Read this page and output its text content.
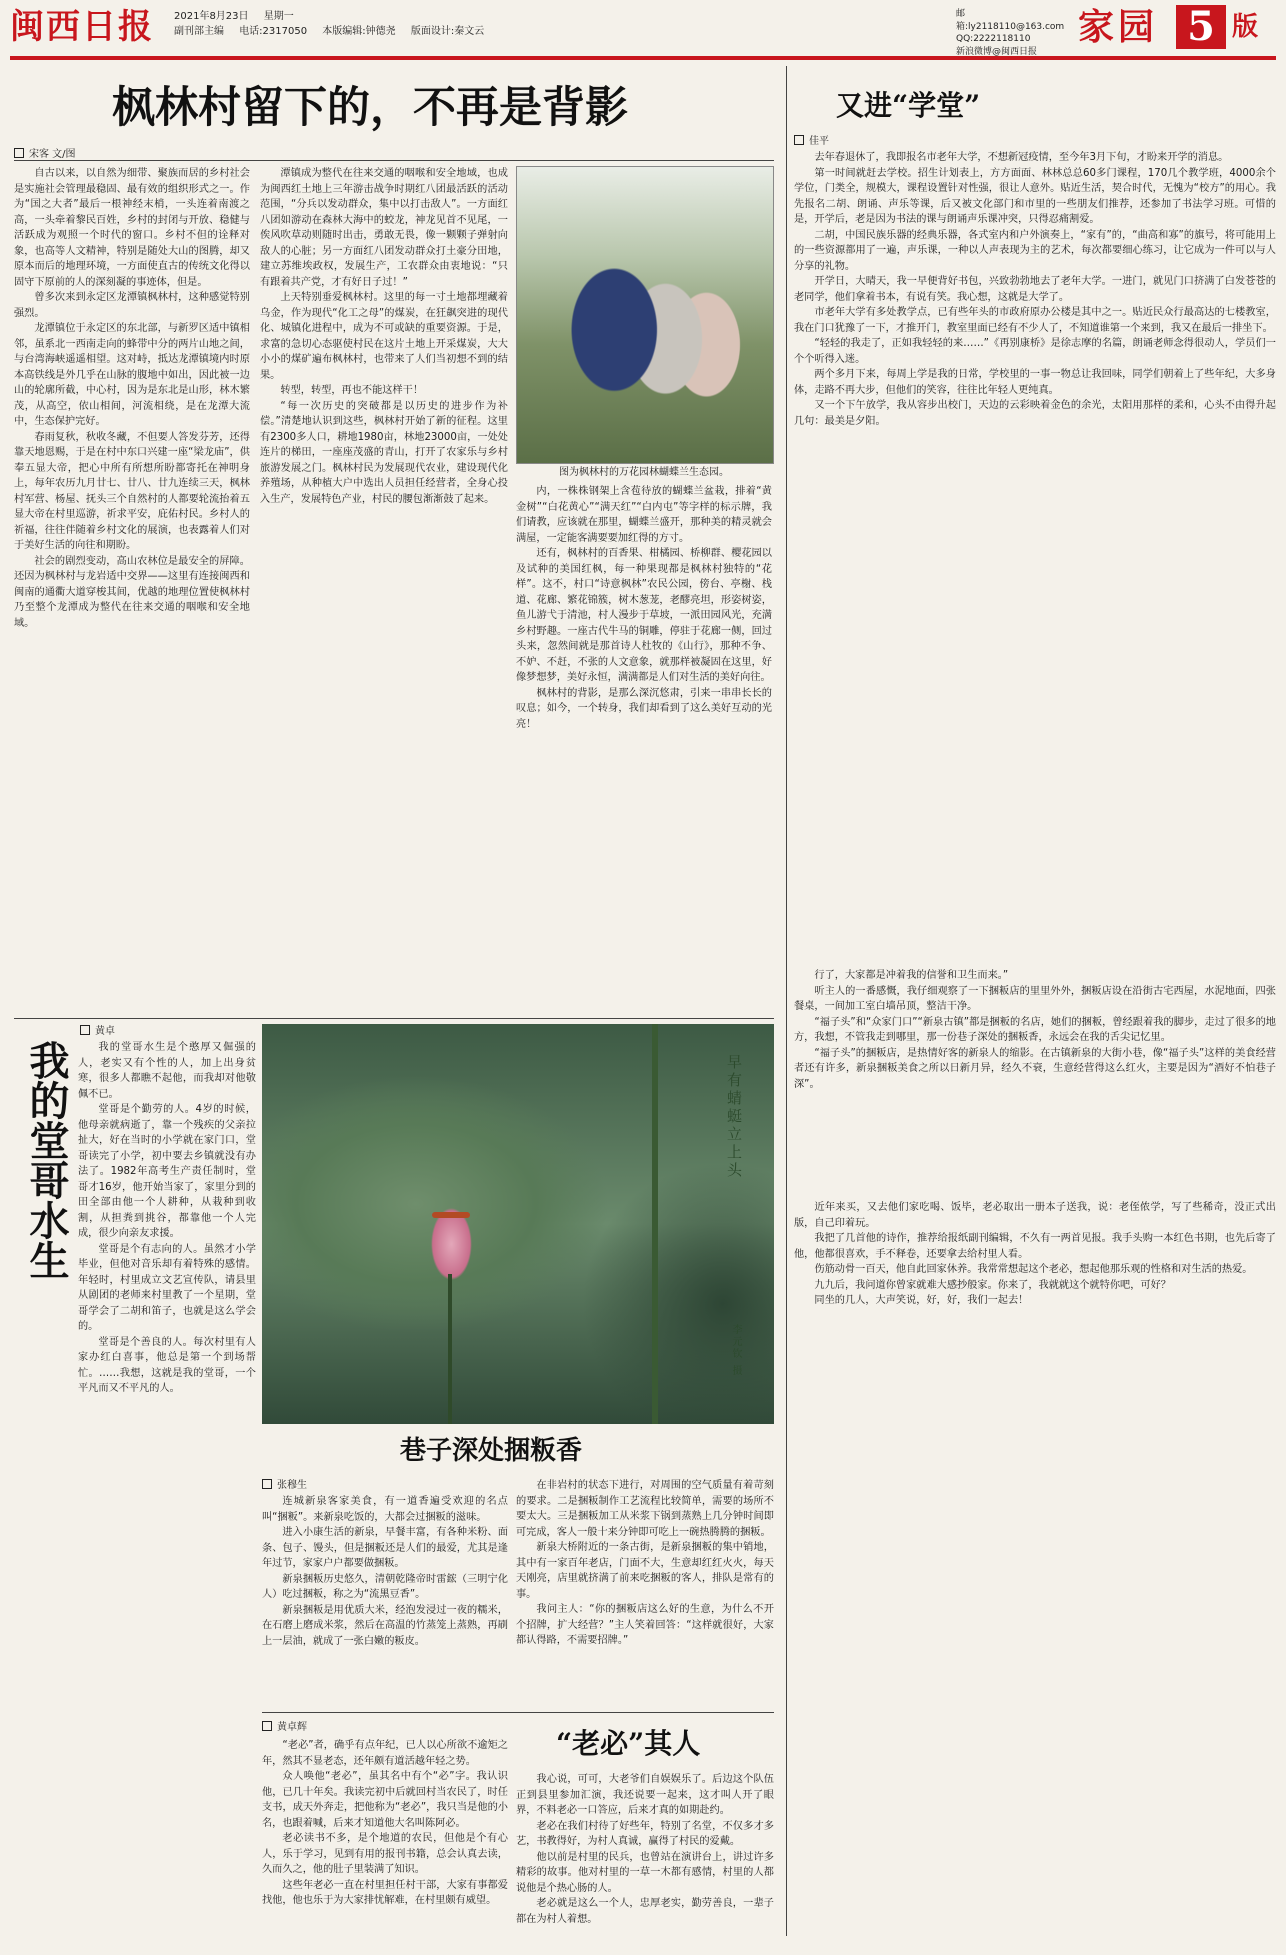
闽西日报	2021年8月23日 星期一
副刊部主编 电话:2317050 本版编辑:钟德尧 版面设计:秦文云
邮箱:ly2118110@163.com
QQ:2222118110
新浪微博@闽西日报
家园 5 版
枫林村留下的，不再是背影
宋客 文/图

自古以来，以自然为细带、聚族而居的乡村社会是实施社会管理最稳固、最有效的组织形式之一。作为“国之大者”最后一根神经末梢，一头连着南渡之高，一头牵着黎民百姓，乡村的封闭与开放、稳健与活跃成为观照一个时代的窗口。乡村不但的诠释对象，也高等人文精神，特别是随处大山的图腾，却又原本而后的地理环境，一方面使直古的传统文化得以固守下原前的人的深刻凝的事迹体，但是。

曾多次来到永定区龙潭镇枫林村，这种感觉特别强烈。

龙潭镇位于永定区的东北部，与新罗区适中镇相邻，虽系北一西南走向的蜂带中分的两片山地之间，与台湾海峡遥遥相望。这对峙，抵达龙潭镇境内时原本高铁线是外几乎在山脉的腹地中如出，因此被一边山的轮廓所截，中心村，因为是东北是山形，林木繁茂，从高空，依山相间，河流相绕，是在龙潭大流中，生态保护完好。

春雨复秋，秋收冬藏，不但要人答发芬芳，还得靠天地恩赐，于是在村中东口兴建一座“梁龙庙”，供奉五显大帝，把心中所有所想所盼都寄托在神明身上，每年农历九月廿七、廿八、廿九连续三天，枫林村军营、杨屋、抚头三个自然村的人都要轮流抬着五显大帝在村里巡游，祈求平安，庇佑村民。乡村人的祈福，往往伴随着乡村文化的展演，也表露着人们对于美好生活的向往和期盼。

社会的剧烈变动，高山农林位是最安全的屏障。还因为枫林村与龙岩适中交界——这里有连接闽西和闽南的通衢大道穿梭其间，优越的地理位置使枫林村乃至整个龙潭成为整代在往来交通的咽喉和安全地域。

潭镇成为整代在往来交通的咽喉和安全地域，也成为闽西红土地上三年游击战争时期红八团最活跃的活动范围，“分兵以发动群众，集中以打击敌人”。一方面红八团如游动在森林大海中的蛟龙，神龙见首不见尾，一俟风吹草动则随时出击，勇敢无畏，像一颗颗子弹射向敌人的心脏；另一方面红八团发动群众打土豪分田地，建立苏维埃政权，发展生产，工农群众由衷地说：“只有跟着共产党，才有好日子过！”

上天特别垂爱枫林村。这里的每一寸土地都埋藏着乌金，作为现代“化工之母”的煤炭，在狂飙突进的现代化、城镇化进程中，成为不可或缺的重要资源。于是，求富的急切心态驱使村民在这片土地上开采煤炭，大大小小的煤矿遍布枫林村，也带来了人们当初想不到的结果。

转型，转型，再也不能这样干！

“每一次历史的突破都是以历史的进步作为补偿。”清楚地认识到这些，枫林村开始了新的征程。这里有2300多人口，耕地1980亩，林地23000亩，一处处连片的梯田，一座座茂盛的青山，打开了农家乐与乡村旅游发展之门。枫林村民为发展现代农业，建设现代化养殖场，从种植大户中选出人员担任经营者，全身心投入生产，发展特色产业，村民的腰包渐渐鼓了起来。

图为枫林村的万花园林蝴蝶兰生态园。

内，一株株钢架上含苞待放的蝴蝶兰盆栽，排着“黄金树”“白花黄心”“满天红”“白内屯”等字样的标示牌，我们请教，应该就在那里，蝴蝶兰盛开，那种美的精灵就会满屋，一定能客满要要加红得的方寸。

还有，枫林村的百香果、柑橘园、桥柳群、樱花园以及试种的美国红枫，每一种果现都是枫林村独特的“花样”。这不，村口“诗意枫林”农民公园，傍台、亭榭、栈道、花廊、繁花锦簇，树木葱茏，老醪亮坦，形姿树姿，鱼儿游弋于清池，村人漫步于草坡，一派田园风光，充满乡村野趣。一座古代牛马的铜雕，停驻于花廊一侧，回过头来，忽然间就是那首诗人杜牧的《山行》，那种不争、不妒、不赶，不张的人文意象，就那样被凝固在这里，好像梦想梦，美好永恒，满满都是人们对生活的美好向往。

枫林村的背影，是那么深沉悠肃，引来一串串长长的叹息；如今，一个转身，我们却看到了这么美好互动的光亮！

又进“学堂”
佳平

去年春退休了，我即报名市老年大学，不想新冠疫情，至今年3月下旬，才盼来开学的消息。

第一时间就赶去学校。招生计划表上，方方面面、林林总总60多门课程，170几个教学班，4000余个学位，门类全，规模大，课程设置针对性强，很让人意外。贴近生活，契合时代，无愧为“校方”的用心。我先报名二胡、朗诵、声乐等课，后又被文化部门和市里的一些朋友们推荐，还参加了书法学习班。可惜的是，开学后，老是因为书法的课与朗诵声乐课冲突，只得忍痛割爱。

二胡，中国民族乐器的经典乐器，各式室内和户外演奏上，“家有”的，“曲高和寡”的旗号，将可能用上的一些资源都用了一遍，声乐课，一种以人声表现为主的艺术，每次都要细心练习，让它成为一件可以与人分享的礼物。

开学日，大晴天，我一早便背好书包，兴致勃勃地去了老年大学。一进门，就见门口挤满了白发苍苍的老同学，他们拿着书本，有说有笑。我心想，这就是大学了。

市老年大学有多处教学点，已有些年头的市政府原办公楼是其中之一。贴近民众行最高达的七楼教室，我在门口犹豫了一下，才推开门，教室里面已经有不少人了，不知道谁第一个来到，我又在最后一排坐下。

“轻轻的我走了，正如我轻轻的来……”《再别康桥》是徐志摩的名篇，朗诵老师念得很动人，学员们一个个听得入迷。

两个多月下来，每周上学是我的日常，学校里的一事一物总让我回味，同学们朝着上了些年纪，大多身体，走路不再大步，但他们的笑容，往往比年轻人更纯真。

又一个下午放学，我从容步出校门，天边的云彩映着金色的余光，太阳用那样的柔和，心头不由得升起几句：最美是夕阳。

黄卓
我的堂哥水生	我的堂哥水生是个憨厚又倔强的人，老实又有个性的人，加上出身贫寒，很多人都瞧不起他，而我却对他敬佩不已。

堂哥是个勤劳的人。4岁的时候，他母亲就病逝了，靠一个残疾的父亲拉扯大，好在当时的小学就在家门口，堂哥读完了小学，初中要去乡镇就没有办法了。1982年高考生产责任制时，堂哥才16岁，他开始当家了，家里分到的田全部由他一个人耕种，从栽种到收割，从担粪到挑谷，都靠他一个人完成，很少向亲友求援。

堂哥是个有志向的人。虽然才小学毕业，但他对音乐却有着特殊的感情。年轻时，村里成立文艺宣传队，请县里从剧团的老师来村里教了一个星期，堂哥学会了二胡和笛子，也就是这么学会的。

堂哥是个善良的人。每次村里有人家办红白喜事，他总是第一个到场帮忙。……我想，这就是我的堂哥，一个平凡而又不平凡的人。

早有蜻蜓立上头
李元钦 摄
巷子深处捆粄香
张穆生

连城新泉客家美食，有一道香遍受欢迎的名点叫“捆粄”。来新泉吃饭的，大都会过捆粄的滋味。

进入小康生活的新泉，早餐丰富，有各种米粉、面条、包子、馒头，但是捆粄还是人们的最爱，尤其是逢年过节，家家户户都要做捆粄。

新泉捆粄历史悠久，清朝乾隆帝时雷鋐（三明宁化人）吃过捆粄，称之为“流黑豆香”。

新泉捆粄是用优质大米，经泡发浸过一夜的糯米，在石磨上磨成米浆，然后在高温的竹蒸笼上蒸熟，再刷上一层油，就成了一张白嫩的粄皮。

在非岩村的状态下进行，对周围的空气质量有着苛刻的要求。二是捆粄制作工艺流程比较简单，需要的场所不要太大。三是捆粄加工从米浆下锅到蒸熟上几分钟时间即可完成，客人一般十来分钟即可吃上一碗热腾腾的捆粄。

新泉大桥附近的一条古街，是新泉捆粄的集中销地，其中有一家百年老店，门面不大，生意却红红火火，每天天刚亮，店里就挤满了前来吃捆粄的客人，排队是常有的事。

我问主人：“你的捆粄店这么好的生意，为什么不开个招牌，扩大经营？”主人笑着回答：“这样就很好，大家都认得路，不需要招牌。”

行了，大家都是冲着我的信誉和卫生而来。”

听主人的一番感慨，我仔细观察了一下捆粄店的里里外外，捆粄店设在沿街古宅西屋，水泥地面，四张餐桌，一间加工室白墙吊顶，整洁干净。

“福子头”和“众家门口”“新泉古镇”都是捆粄的名店，她们的捆粄，曾经跟着我的脚步，走过了很多的地方，我想，不管我走到哪里，那一份巷子深处的捆粄香，永远会在我的舌尖记忆里。

“福子头”的捆粄店，是热情好客的新泉人的缩影。在古镇新泉的大街小巷，像“福子头”这样的美食经营者还有许多，新泉捆粄美食之所以日新月异，经久不衰，生意经营得这么红火，主要是因为“酒好不怕巷子深”。

“老必”其人
黄卓辉

“老必”者，确乎有点年纪，已人以心所欲不逾矩之年，然其不显老态，还年颇有道活越年轻之势。

众人唤他“老必”，虽其名中有个“必”字。我认识他，已几十年矣。我读完初中后就回村当农民了，时任支书，成天外奔走，把他称为“老必”，我只当是他的小名，也跟着喊，后来才知道他大名叫陈阿必。

老必读书不多，是个地道的农民，但他是个有心人，乐于学习，见到有用的报刊书籍，总会认真去读，久而久之，他的肚子里装满了知识。

这些年老必一直在村里担任村干部，大家有事都爱找他，他也乐于为大家排忧解难，在村里颇有威望。

我心说，可可，大老爷们自娱娱乐了。后边这个队伍正到县里参加汇演，我还说要一起来，这才叫人开了眼界，不料老必一口答应，后来才真的如期赴约。

老必在我们村待了好些年，特别了名堂，不仅多才多艺，书教得好，为村人真诚，赢得了村民的爱戴。

他以前是村里的民兵，也曾站在演讲台上，讲过许多精彩的故事。他对村里的一草一木都有感情，村里的人都说他是个热心肠的人。

老必就是这么一个人，忠厚老实，勤劳善良，一辈子都在为村人着想。

近年来买，又去他们家吃喝、饭毕，老必取出一册本子送我，说：老侄侬学，写了些稀奇，没正式出版，自己印着玩。

我把了几首他的诗作，推荐给报纸副刊编辑，不久有一两首见报。我手头购一本红色书期，也先后寄了他，他都很喜欢，手不释卷，还要拿去给村里人看。

伤筋动骨一百天，他自此回家休养。我常常想起这个老必，想起他那乐观的性格和对生活的热爱。

九九后，我问道你曾家就难大感抄般家。你来了，我就就这个就特你吧，可好？

同坐的几人，大声笑说，好，好，我们一起去！
